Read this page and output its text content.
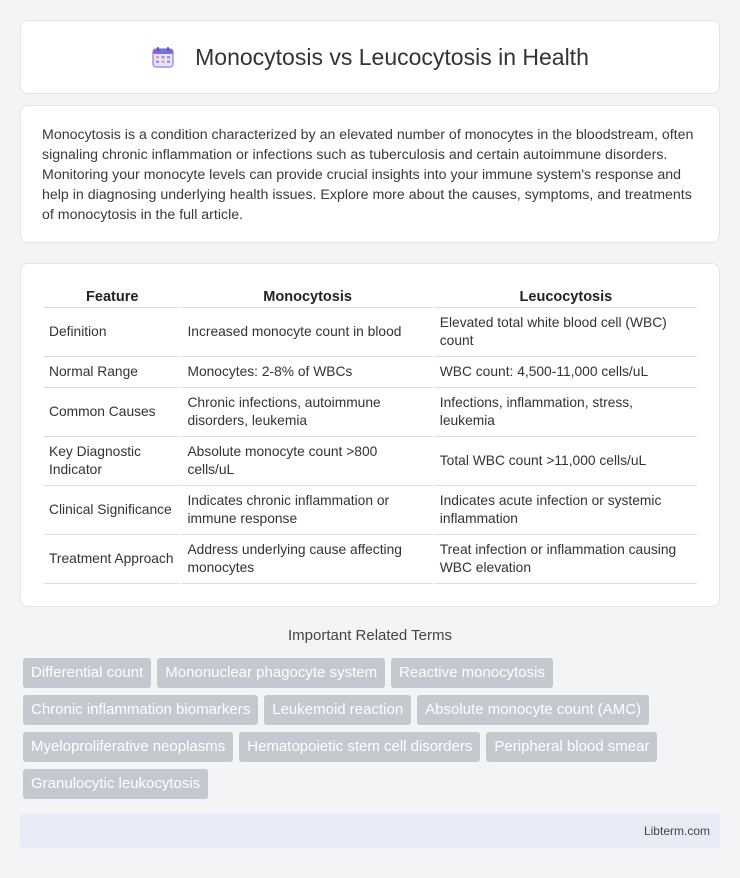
Monocytosis vs Leucocytosis in Health

Monocytosis is a condition characterized by an elevated number of monocytes in the bloodstream, often signaling chronic inflammation or infections such as tuberculosis and certain autoimmune disorders. Monitoring your monocyte levels can provide crucial insights into your immune system's response and help in diagnosing underlying health issues. Explore more about the causes, symptoms, and treatments of monocytosis in the full article.

Feature	Monocytosis	Leucocytosis
Definition	Increased monocyte count in blood	Elevated total white blood cell (WBC) count
Normal Range	Monocytes: 2-8% of WBCs	WBC count: 4,500-11,000 cells/uL
Common Causes	Chronic infections, autoimmune disorders, leukemia	Infections, inflammation, stress, leukemia
Key Diagnostic Indicator	Absolute monocyte count >800 cells/uL	Total WBC count >11,000 cells/uL
Clinical Significance	Indicates chronic inflammation or immune response	Indicates acute infection or systemic inflammation
Treatment Approach	Address underlying cause affecting monocytes	Treat infection or inflammation causing WBC elevation
Important Related Terms
Differential count	Mononuclear phagocyte system	Reactive monocytosis
Chronic inflammation biomarkers	Leukemoid reaction	Absolute monocyte count (AMC)
Myeloproliferative neoplasms	Hematopoietic stem cell disorders	Peripheral blood smear
Granulocytic leukocytosis
Libterm.com
